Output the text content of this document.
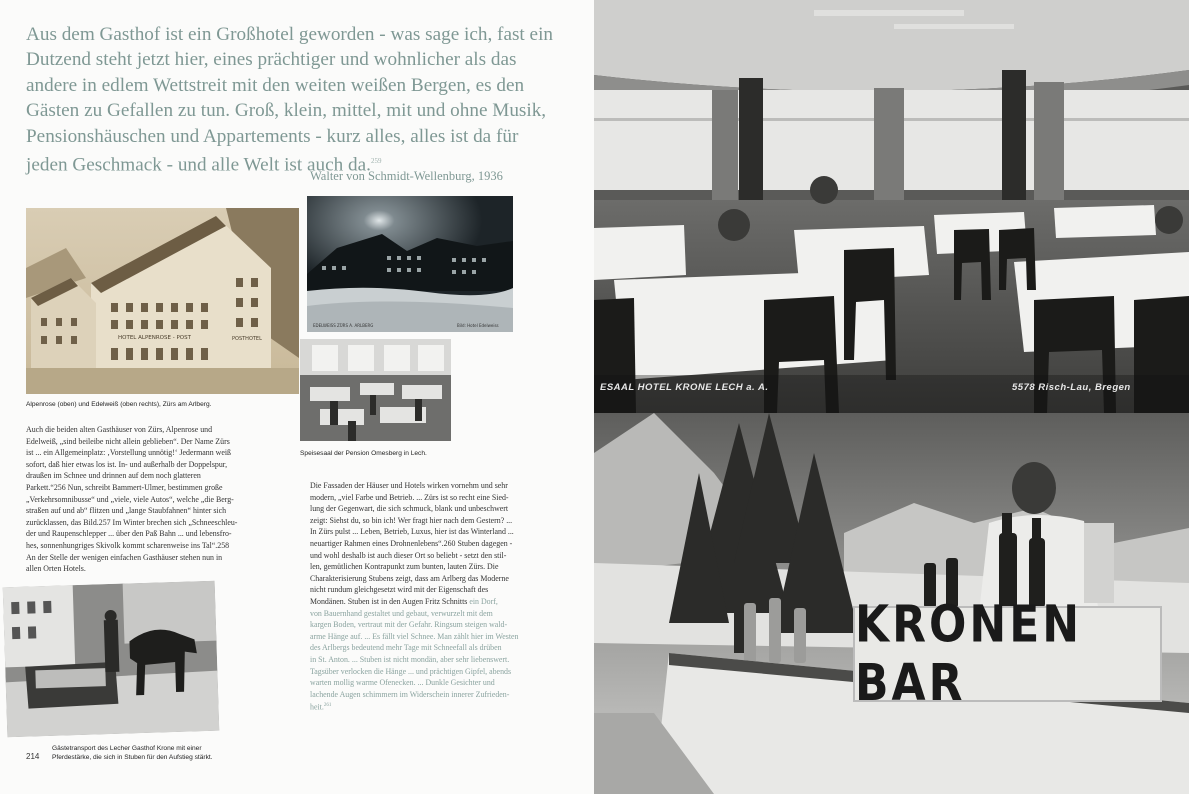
Aus dem Gasthof ist ein Großhotel geworden - was sage ich, fast ein
Dutzend steht jetzt hier, eines prächtiger und wohnlicher als das
andere in edlem Wettstreit mit den weiten weißen Bergen, es den
Gästen zu Gefallen zu tun. Groß, klein, mittel, mit und ohne Musik,
Pensionshäuschen und Appartements - kurz alles, alles ist da für
jeden Geschmack - und alle Welt ist auch da.$^{259}$
Walter von Schmidt-Wellenburg, 1936
HOTEL ALPENROSE - POST	POSTHOTEL
Alpenrose (oben) und Edelweiß (oben rechts), Zürs am Arlberg.
EDELWEISS ZÜRS A. ARLBERG	Bild: Hotel Edelweiss
Speisesaal der Pension Omesberg in Lech.
Auch die beiden alten Gasthäuser von Zürs, Alpenrose und
Edelweiß, „sind beileibe nicht allein geblieben“. Der Name Zürs
ist ... ein Allgemeinplatz: ‚Vorstellung unnötig!‘ Jedermann weiß
sofort, daß hier etwas los ist. In- und außerhalb der Doppelspur,
draußen im Schnee und drinnen auf dem noch glatteren
Parkett.“256 Nun, schreibt Bammert-Ulmer, bestimmen große
„Verkehrsomnibusse“ und „viele, viele Autos“, welche „die Berg-
straßen auf und ab“ flitzen und „lange Staubfahnen“ hinter sich
zurücklassen, das Bild.257 Im Winter brechen sich „Schneeschleu-
der und Raupenschlepper ... über den Paß Bahn ... und lebensfro-
hes, sonnenhungriges Skivolk kommt scharenweise ins Tal“.258
An der Stelle der wenigen einfachen Gasthäuser stehen nun in
allen Orten Hotels.
Die Fassaden der Häuser und Hotels wirken vornehm und sehr
modern, „viel Farbe und Betrieb. ... Zürs ist so recht eine Sied-
lung der Gegenwart, die sich schmuck, blank und unbeschwert
zeigt: Siehst du, so bin ich! Wer fragt hier nach dem Gestern? ...
In Zürs pulst ... Leben, Betrieb, Luxus, hier ist das Winterland ...
neuartiger Rahmen eines Drohnenlebens“.260 Stuben dagegen -
und wohl deshalb ist auch dieser Ort so beliebt - setzt den stil-
len, gemütlichen Kontrapunkt zum bunten, lauten Zürs. Die
Charakterisierung Stubens zeigt, dass am Arlberg das Moderne
nicht rundum gleichgesetzt wird mit der Eigenschaft des
Mondänen. Stuben ist in den Augen Fritz Schnitts ein Dorf,
von Bauernhand gestaltet und gebaut, verwurzelt mit dem
kargen Boden, vertraut mit der Gefahr. Ringsum steigen wald-
arme Hänge auf. ... Es fällt viel Schnee. Man zählt hier im Westen
des Arlbergs bedeutend mehr Tage mit Schneefall als drüben
in St. Anton. ... Stuben ist nicht mondän, aber sehr liebenswert.
Tagsüber verlocken die Hänge ... und prächtigen Gipfel, abends
warten mollig warme Ofenecken. ... Dunkle Gesichter und
lachende Augen schimmern im Widerschein innerer Zufrieden-
heit.$^{261}$
Gästetransport des Lecher Gasthof Krone mit einer
Pferdestärke, die sich in Stuben für den Aufstieg stärkt.
214
ESAAL HOTEL KRONE LECH a. A.	5578 Risch-Lau, Bregen
KRONEN BAR
